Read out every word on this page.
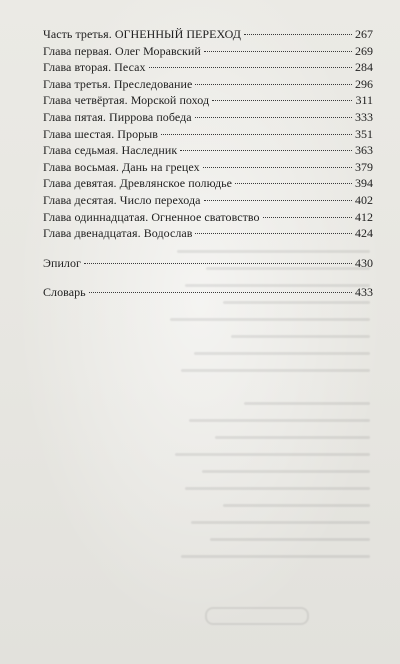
Часть третья. ОГНЕННЫЙ ПЕРЕХОД	267
Глава первая. Олег Моравский	269
Глава вторая. Песах	284
Глава третья. Преследование	296
Глава четвёртая. Морской поход	311
Глава пятая. Пиррова победа	333
Глава шестая. Прорыв	351
Глава седьмая. Наследник	363
Глава восьмая. Дань на грецех	379
Глава девятая. Древлянское полюдье	394
Глава десятая. Число перехода	402
Глава одиннадцатая. Огненное сватовство	412
Глава двенадцатая. Водослав	424
Эпилог	430
Словарь	433
